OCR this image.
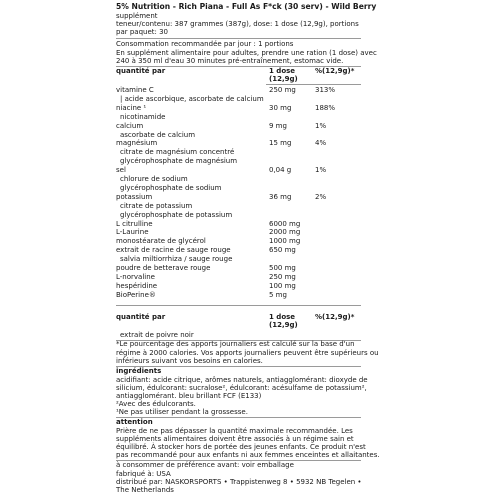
5% Nutrition - Rich Piana - Full As F*ck (30 serv) - Wild Berry
supplément
teneur/contenu: 387 grammes (387g), dose: 1 dose (12,9g), portions
par paquet: 30
Consommation recommandée par jour : 1 portions
En supplément alimentaire pour adultes, prendre une ration (1 dose) avec
240 à 350 ml d'eau 30 minutes pré-entraînement, estomac vide.
quantité par	1 dose
(12,9g)
%(12,9g)*
vitamine C	250 mg	313%
| acide ascorbique, ascorbate de calcium
niacine ¹	30 mg	188%
nicotinamide
calcium	9 mg	1%
ascorbate de calcium
magnésium	15 mg	4%
citrate de magnésium concentré
glycérophosphate de magnésium
sel	0,04 g	1%
chlorure de sodium
glycérophosphate de sodium
potassium	36 mg	2%
citrate de potassium
glycérophosphate de potassium
L citrulline	6000 mg
L-Laurine	2000 mg
monostéarate de glycérol	1000 mg
extrait de racine de sauge rouge	650 mg
salvia miltiorrhiza / sauge rouge
poudre de betterave rouge	500 mg
L-norvaline	250 mg
hespéridine	100 mg
BioPerine®	5 mg
quantité par	1 dose
(12,9g)
%(12,9g)*
extrait de poivre noir
*Le pourcentage des apports journaliers est calculé sur la base d'un
régime à 2000 calories. Vos apports journaliers peuvent être supérieurs ou
inférieurs suivant vos besoins en calories.
ingrédients
acidifiant: acide citrique, arômes naturels, antiagglomérant: dioxyde de
silicium, édulcorant: sucralose², édulcorant: acésulfame de potassium²,
antiagglomérant. bleu brillant FCF (E133)
²Avec des édulcorants.
¹Ne pas utiliser pendant la grossesse.
attention
Prière de ne pas dépasser la quantité maximale recommandée. Les
suppléments alimentaires doivent être associés à un régime sain et
équilibré. À stocker hors de portée des jeunes enfants. Ce produit n'est
pas recommandé pour aux enfants ni aux femmes enceintes et allaitantes.
à consommer de préférence avant: voir emballage
fabriqué à: USA
distribué par: NASKORSPORTS • Trappistenweg 8 • 5932 NB Tegelen •
The Netherlands
